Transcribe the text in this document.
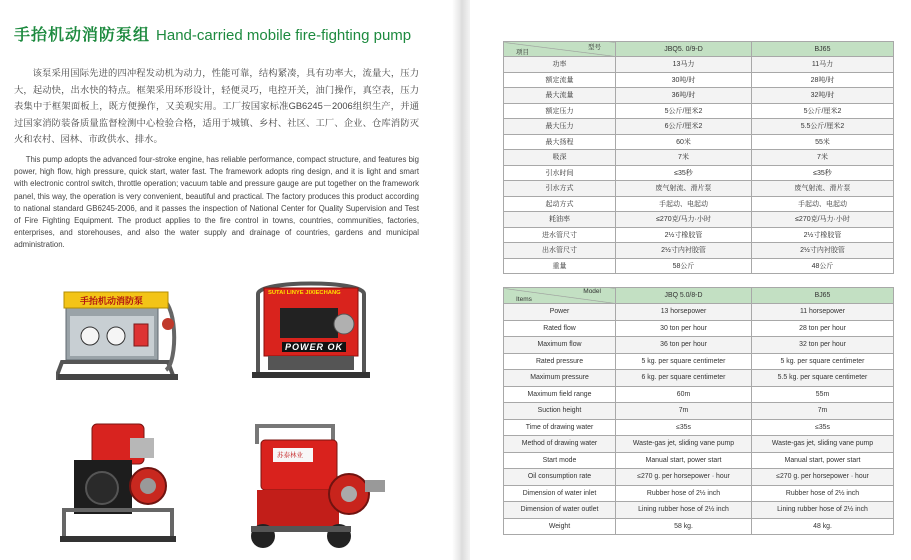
手抬机动消防泵组 Hand-carried mobile fire-fighting pump

该泵采用国际先进的四冲程发动机为动力，性能可靠，结构紧凑，具有功率大，流量大，压力大，起动快，出水快的特点。框架采用环形设计，轻便灵巧，电控开关，油门操作，真空表，压力表集中于框架面板上，既方便操作，又美观实用。工厂按国家标准GB6245－2006组织生产，并通过国家消防装备质量监督检测中心检验合格，适用于城镇、乡村、社区、工厂、企业、仓库消防灭火和农村、园林、市政供水、排水。

This pump adopts the advanced four-stroke engine, has reliable performance, compact structure, and features big power, high flow, high pressure, quick start, water fast. The framework adopts ring design, and it is light and smart with electronic control switch, throttle operation; vacuum table and pressure gauge are put together on the framework panel, this way, the operation is very convenient, beautiful and practical. The factory produces this product according to national standard GB6245-2006, and it passes the inspection of National Center for Quality Supervision and Test of Fire Fighting Equipment. The product applies to the fire control in towns, countries, communities, factories, enterprises, and storehouses, and also the water supply and drainage of countries, gardens and municipal administration.

手抬机动消防泵
SUTAI LINYE JIXIECHANG
POWER OK
苏泰林业
型号
项目	JBQ5. 0/9-D	BJ65
功率	13马力	11马力
额定流量	30吨/时	28吨/时
最大流量	36吨/时	32吨/时
额定压力	5公斤/厘米2	5公斤/厘米2
最大压力	6公斤/厘米2	5.5公斤/厘米2
最大扬程	60米	55米
吸深	7米	7米
引水时间	≤35秒	≤35秒
引水方式	废气射流、滑片泵	废气射流、滑片泵
起动方式	手起动、电起动	手起动、电起动
耗油率	≤270克/马力·小时	≤270克/马力·小时
进水管尺寸	2½寸橡胶管	2½寸橡胶管
出水管尺寸	2½寸内衬胶管	2½寸内衬胶管
重量	58公斤	48公斤
Model
Items	JBQ 5.0/8-D	BJ65
Power	13 horsepower	11 horsepower
Rated flow	30 ton per hour	28 ton per hour
Maximum flow	36 ton per hour	32 ton per hour
Rated pressure	5 kg. per square centimeter	5 kg. per square centimeter
Maximum pressure	6 kg. per square centimeter	5.5 kg. per square centimeter
Maximum field range	60m	55m
Suction height	7m	7m
Time of drawing water	≤35s	≤35s
Method of drawing water	Waste-gas jet, sliding vane pump	Waste-gas jet, sliding vane pump
Start mode	Manual start, power start	Manual start, power start
Oil consumption rate	≤270 g. per horsepower · hour	≤270 g. per horsepower · hour
Dimension of water inlet	Rubber hose of 2½ inch	Rubber hose of 2½ inch
Dimension of water outlet	Lining rubber hose of 2½ inch	Lining rubber hose of 2½ inch
Weight	58 kg.	48 kg.
